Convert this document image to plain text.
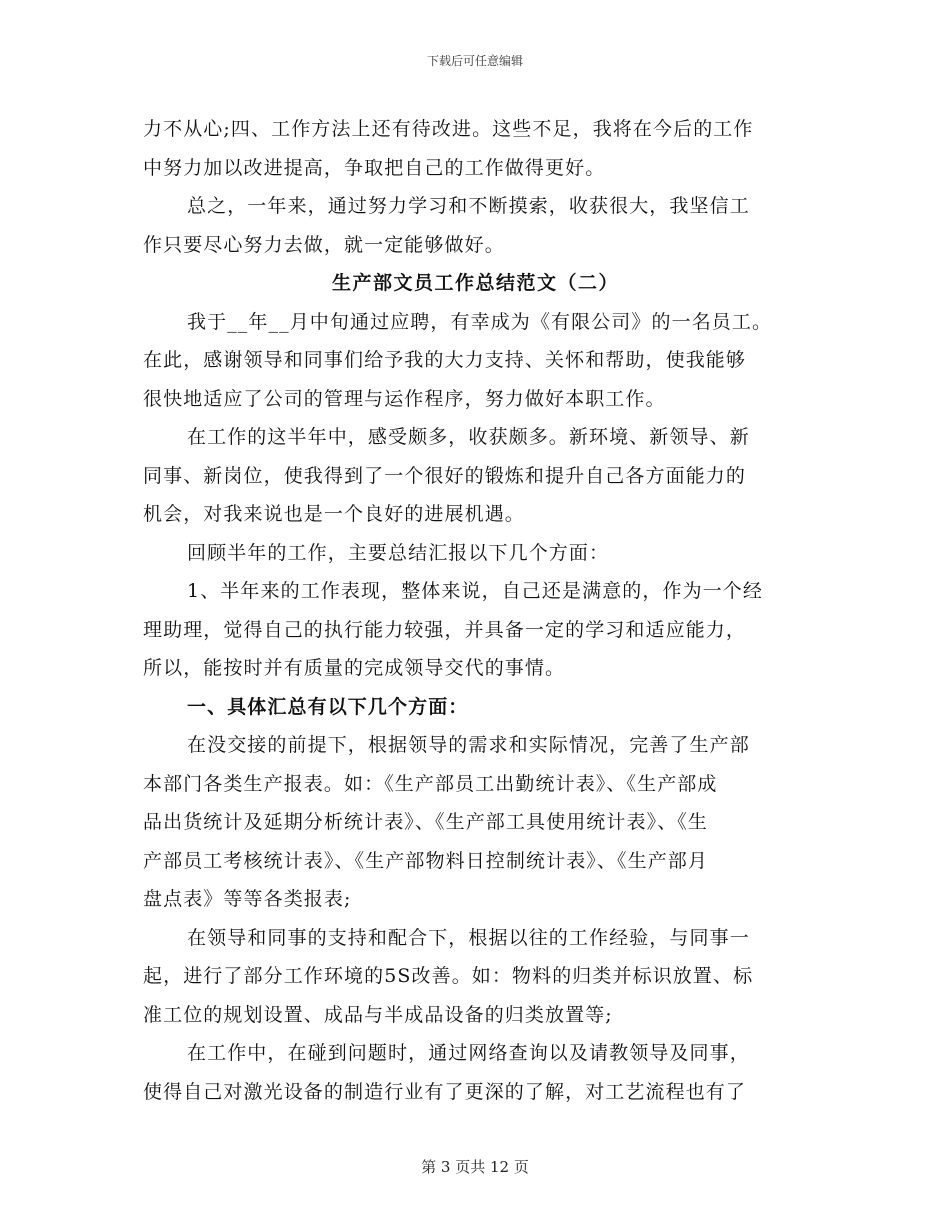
下载后可任意编辑
力不从心;四、工作方法上还有待改进。这些不足，我将在今后的工作
中努力加以改进提高，争取把自己的工作做得更好。
总之，一年来，通过努力学习和不断摸索，收获很大，我坚信工
作只要尽心努力去做，就一定能够做好。
生产部文员工作总结范文（二）
我于__年__月中旬通过应聘，有幸成为《有限公司》的一名员工。
在此，感谢领导和同事们给予我的大力支持、关怀和帮助，使我能够
很快地适应了公司的管理与运作程序，努力做好本职工作。
在工作的这半年中，感受颇多，收获颇多。新环境、新领导、新
同事、新岗位，使我得到了一个很好的锻炼和提升自己各方面能力的
机会，对我来说也是一个良好的进展机遇。
回顾半年的工作，主要总结汇报以下几个方面：
1、半年来的工作表现，整体来说，自己还是满意的，作为一个经
理助理，觉得自己的执行能力较强，并具备一定的学习和适应能力，
所以，能按时并有质量的完成领导交代的事情。
一、具体汇总有以下几个方面：
在没交接的前提下，根据领导的需求和实际情况，完善了生产部
本部门各类生产报表。如：《生产部员工出勤统计表》、《生产部成
品出货统计及延期分析统计表》、《生产部工具使用统计表》、《生
产部员工考核统计表》、《生产部物料日控制统计表》、《生产部月
盘点表》等等各类报表;
在领导和同事的支持和配合下，根据以往的工作经验，与同事一
起，进行了部分工作环境的5S改善。如：物料的归类并标识放置、标
准工位的规划设置、成品与半成品设备的归类放置等;
在工作中，在碰到问题时，通过网络查询以及请教领导及同事，
使得自己对激光设备的制造行业有了更深的了解，对工艺流程也有了
第 3 页共 12 页
